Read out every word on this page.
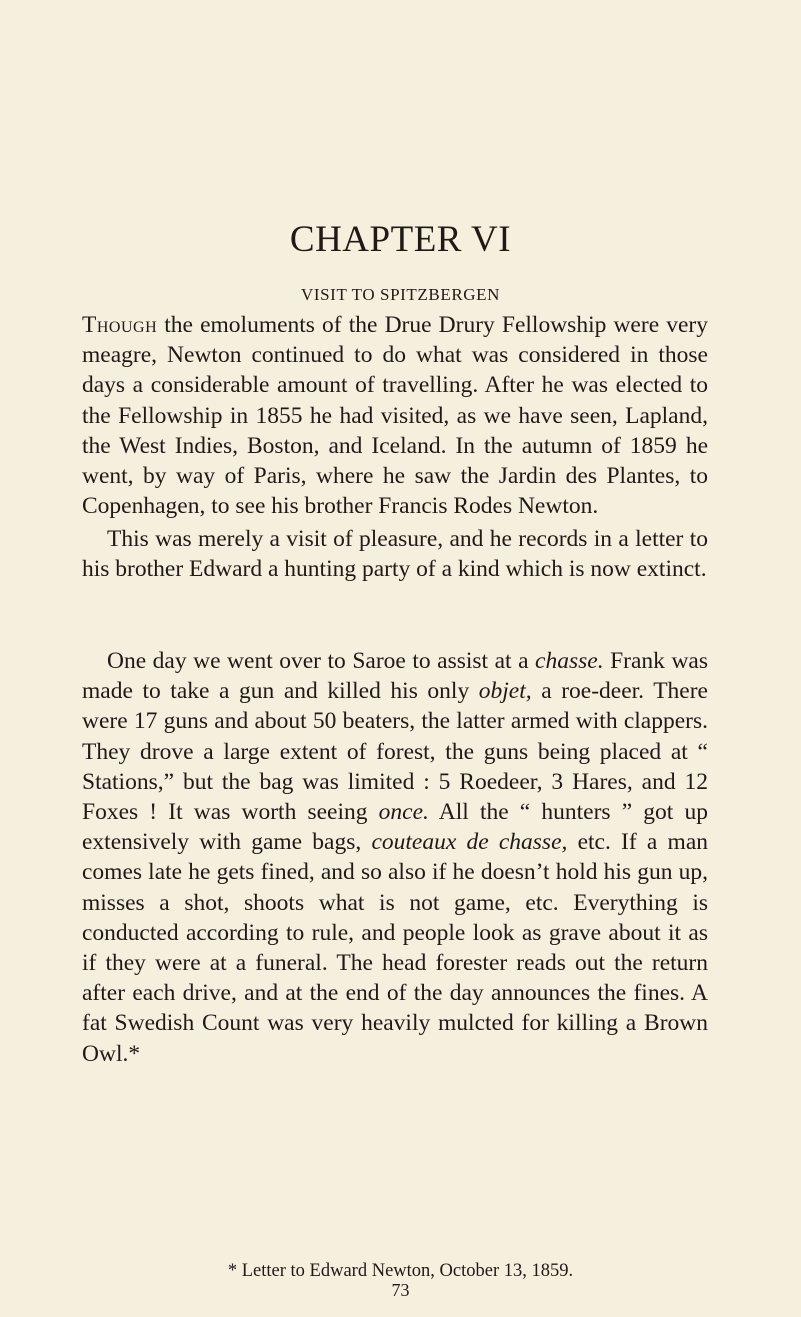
CHAPTER VI
VISIT TO SPITZBERGEN

Though the emoluments of the Drue Drury Fellowship were very meagre, Newton continued to do what was considered in those days a considerable amount of travelling. After he was elected to the Fellowship in 1855 he had visited, as we have seen, Lapland, the West Indies, Boston, and Iceland. In the autumn of 1859 he went, by way of Paris, where he saw the Jardin des Plantes, to Copenhagen, to see his brother Francis Rodes Newton.

This was merely a visit of pleasure, and he records in a letter to his brother Edward a hunting party of a kind which is now extinct.

One day we went over to Saroe to assist at a chasse. Frank was made to take a gun and killed his only objet, a roe-deer. There were 17 guns and about 50 beaters, the latter armed with clappers. They drove a large extent of forest, the guns being placed at “ Stations,” but the bag was limited : 5 Roedeer, 3 Hares, and 12 Foxes ! It was worth seeing once. All the “ hunters ” got up extensively with game bags, couteaux de chasse, etc. If a man comes late he gets fined, and so also if he doesn’t hold his gun up, misses a shot, shoots what is not game, etc. Everything is conducted according to rule, and people look as grave about it as if they were at a funeral. The head forester reads out the return after each drive, and at the end of the day announces the fines. A fat Swedish Count was very heavily mulcted for killing a Brown Owl.*

* Letter to Edward Newton, October 13, 1859.
73
